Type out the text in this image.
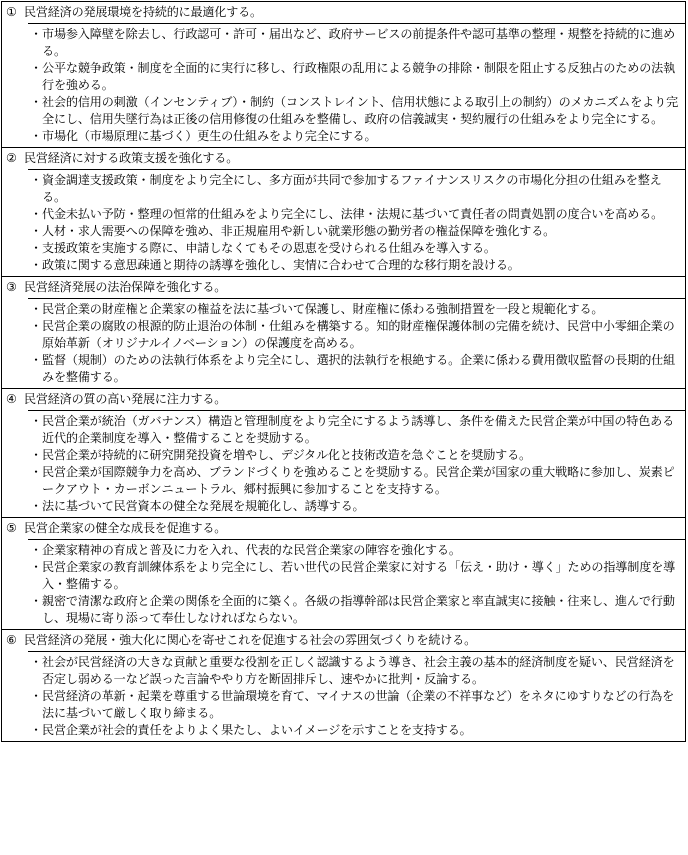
① 民営経済の発展環境を持続的に最適化する。
・ 市場参入障壁を除去し、行政認可・許可・届出など、政府サービスの前提条件や認可基準の整理・規整を持続的に進める。
・ 公平な競争政策・制度を全面的に実行に移し、行政権限の乱用による競争の排除・制限を阻止する反独占のための法執行を強める。
・ 社会的信用の刺激（インセンティブ）・制約（コンストレイント、信用状態による取引上の制約）のメカニズムをより完全にし、信用失墜行為は正後の信用修復の仕組みを整備し、政府の信義誠実・契約履行の仕組みをより完全にする。
・ 市場化（市場原理に基づく）更生の仕組みをより完全にする。
② 民営経済に対する政策支援を強化する。
・ 資金調達支援政策・制度をより完全にし、多方面が共同で参加するファイナンスリスクの市場化分担の仕組みを整える。
・ 代金未払い予防・整理の恒常的仕組みをより完全にし、法律・法規に基づいて責任者の問責処罰の度合いを高める。
・ 人材・求人需要への保障を強め、非正規雇用や新しい就業形態の勤労者の権益保障を強化する。
・ 支援政策を実施する際に、申請しなくてもその恩恵を受けられる仕組みを導入する。
・ 政策に関する意思疎通と期待の誘導を強化し、実情に合わせて合理的な移行期を設ける。
③ 民営経済発展の法治保障を強化する。
・ 民営企業の財産権と企業家の権益を法に基づいて保護し、財産権に係わる強制措置を一段と規範化する。
・ 民営企業の腐敗の根源的防止退治の体制・仕組みを構築する。知的財産権保護体制の完備を続け、民営中小零細企業の原始革新（オリジナルイノベーション）の保護度を高める。
・ 監督（規制）のための法執行体系をより完全にし、選択的法執行を根絶する。企業に係わる費用徴収監督の長期的仕組みを整備する。
④ 民営経済の質の高い発展に注力する。
・ 民営企業が統治（ガバナンス）構造と管理制度をより完全にするよう誘導し、条件を備えた民営企業が中国の特色ある近代的企業制度を導入・整備することを奨励する。
・ 民営企業が持続的に研究開発投資を増やし、デジタル化と技術改造を急ぐことを奨励する。
・ 民営企業が国際競争力を高め、ブランドづくりを強めることを奨励する。民営企業が国家の重大戦略に参加し、炭素ピークアウト・カーボンニュートラル、郷村振興に参加することを支持する。
・ 法に基づいて民営資本の健全な発展を規範化し、誘導する。
⑤ 民営企業家の健全な成長を促進する。
・ 企業家精神の育成と普及に力を入れ、代表的な民営企業家の陣容を強化する。
・ 民営企業家の教育訓練体系をより完全にし、若い世代の民営企業家に対する「伝え・助け・導く」ための指導制度を導入・整備する。
・ 親密で清潔な政府と企業の関係を全面的に築く。各級の指導幹部は民営企業家と率直誠実に接触・往来し、進んで行動し、現場に寄り添って奉仕しなければならない。
⑥ 民営経済の発展・強大化に関心を寄せこれを促進する社会の雰囲気づくりを続ける。
・ 社会が民営経済の大きな貢献と重要な役割を正しく認識するよう導き、社会主義の基本的経済制度を疑い、民営経済を否定し弱める一など誤った言論ややり方を断固排斥し、速やかに批判・反論する。
・ 民営経済の革新・起業を尊重する世論環境を育て、マイナスの世論（企業の不祥事など）をネタにゆすりなどの行為を法に基づいて厳しく取り締まる。
・ 民営企業が社会的責任をよりよく果たし、よいイメージを示すことを支持する。
